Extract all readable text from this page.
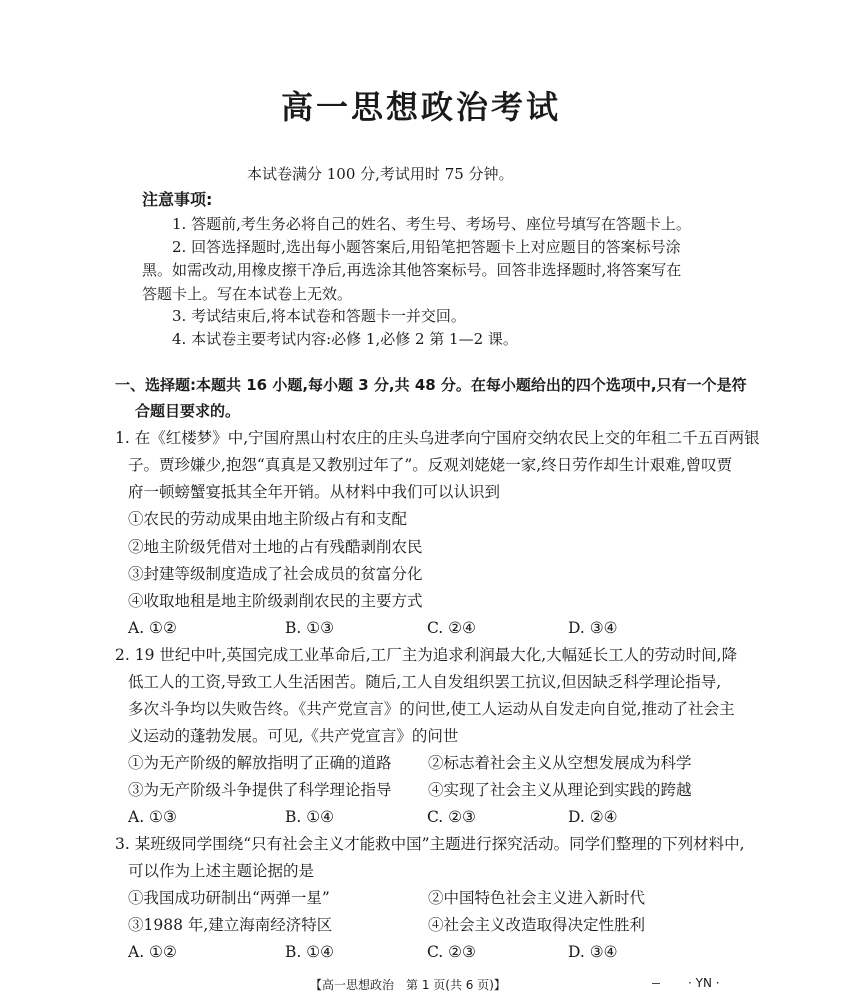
高一思想政治考试
本试卷满分 100 分,考试用时 75 分钟。
注意事项:
1. 答题前,考生务必将自己的姓名、考生号、考场号、座位号填写在答题卡上。
2. 回答选择题时,选出每小题答案后,用铅笔把答题卡上对应题目的答案标号涂
黑。如需改动,用橡皮擦干净后,再选涂其他答案标号。回答非选择题时,将答案写在
答题卡上。写在本试卷上无效。
3. 考试结束后,将本试卷和答题卡一并交回。
4. 本试卷主要考试内容:必修 1,必修 2 第 1—2 课。
一、选择题:本题共 16 小题,每小题 3 分,共 48 分。在每小题给出的四个选项中,只有一个是符
合题目要求的。
1. 在《红楼梦》中,宁国府黑山村农庄的庄头乌进孝向宁国府交纳农民上交的年租二千五百两银
子。贾珍嫌少,抱怨“真真是又教别过年了”。反观刘姥姥一家,终日劳作却生计艰难,曾叹贾
府一顿螃蟹宴抵其全年开销。从材料中我们可以认识到
①农民的劳动成果由地主阶级占有和支配
②地主阶级凭借对土地的占有残酷剥削农民
③封建等级制度造成了社会成员的贫富分化
④收取地租是地主阶级剥削农民的主要方式
A. ①②	B. ①③	C. ②④	D. ③④
2. 19 世纪中叶,英国完成工业革命后,工厂主为追求利润最大化,大幅延长工人的劳动时间,降
低工人的工资,导致工人生活困苦。随后,工人自发组织罢工抗议,但因缺乏科学理论指导,
多次斗争均以失败告终。《共产党宣言》的问世,使工人运动从自发走向自觉,推动了社会主
义运动的蓬勃发展。可见,《共产党宣言》的问世
①为无产阶级的解放指明了正确的道路 ②标志着社会主义从空想发展成为科学
③为无产阶级斗争提供了科学理论指导 ④实现了社会主义从理论到实践的跨越
A. ①③	B. ①④	C. ②③	D. ②④
3. 某班级同学围绕“只有社会主义才能救中国”主题进行探究活动。同学们整理的下列材料中,
可以作为上述主题论据的是
①我国成功研制出“两弹一星”	②中国特色社会主义进入新时代
③1988 年,建立海南经济特区	④社会主义改造取得决定性胜利
A. ①②	B. ①④	C. ②③	D. ③④
【高一思想政治　第 1 页(共 6 页)】	· YN ·
